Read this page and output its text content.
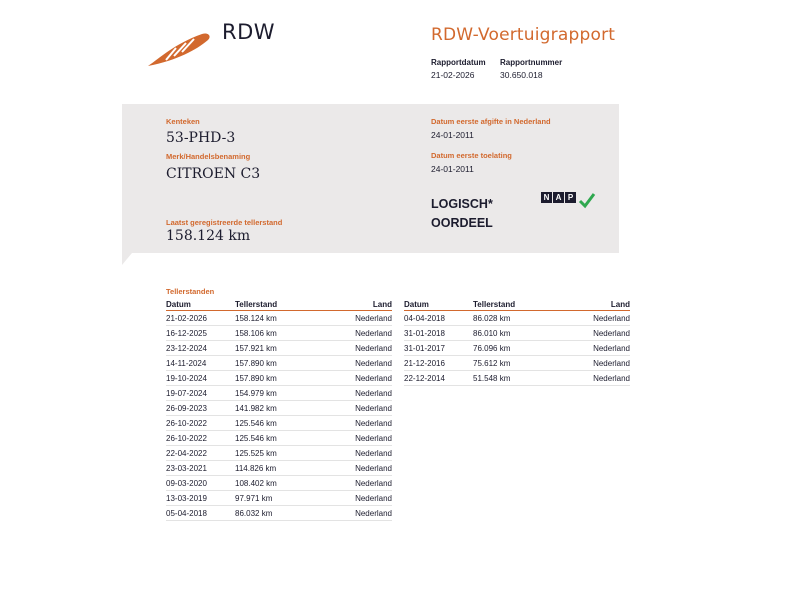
RDW	RDW-Voertuigrapport
Rapportdatum Rapportnummer
21-02-2026	30.650.018
Kenteken
53-PHD-3
Merk/Handelsbenaming
CITROEN C3
Laatst geregistreerde tellerstand
158.124 km
Datum eerste afgifte in Nederland
24-01-2011
Datum eerste toelating
24-01-2011
LOGISCH*
OORDEEL
N A P
Tellerstanden
Datum	Tellerstand	Land
21-02-2026	158.124 km	Nederland
16-12-2025	158.106 km	Nederland
23-12-2024	157.921 km	Nederland
14-11-2024	157.890 km	Nederland
19-10-2024	157.890 km	Nederland
19-07-2024	154.979 km	Nederland
26-09-2023	141.982 km	Nederland
26-10-2022	125.546 km	Nederland
26-10-2022	125.546 km	Nederland
22-04-2022	125.525 km	Nederland
23-03-2021	114.826 km	Nederland
09-03-2020	108.402 km	Nederland
13-03-2019	97.971 km	Nederland
05-04-2018	86.032 km	Nederland
Datum	Tellerstand	Land
04-04-2018	86.028 km	Nederland
31-01-2018	86.010 km	Nederland
31-01-2017	76.096 km	Nederland
21-12-2016	75.612 km	Nederland
22-12-2014	51.548 km	Nederland
